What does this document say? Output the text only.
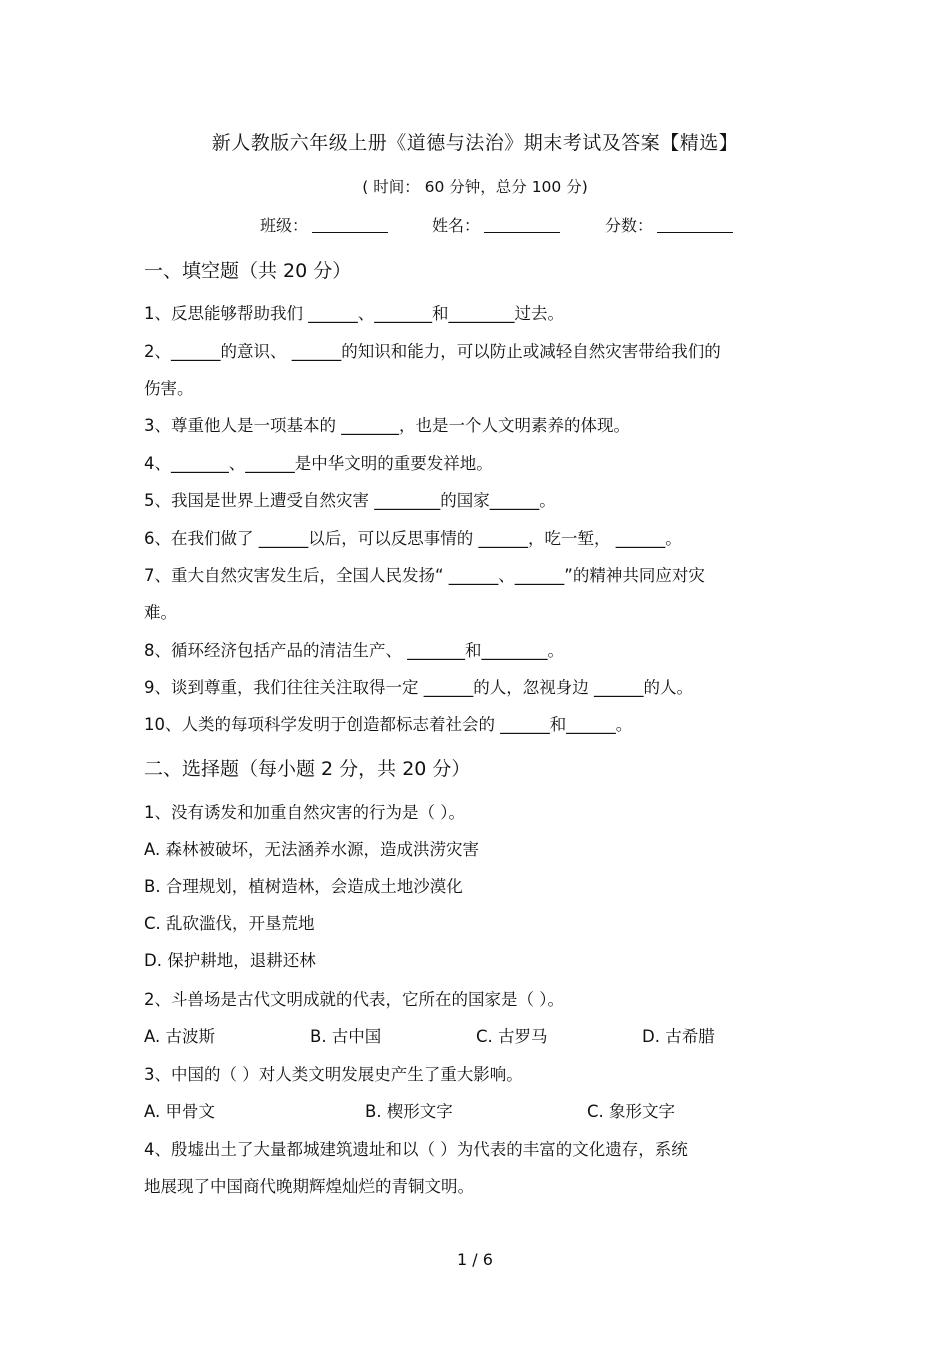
新人教版六年级上册《道德与法治》期末考试及答案【精选】
( 时间： 60 分钟，总分 100 分)
班级：	姓名：	分数：
一、填空题（共 20 分）
1、反思能够帮助我们 ______、_______和________过去。
2、______的意识、 ______的知识和能力，可以防止或减轻自然灾害带给我们的
伤害。
3、尊重他人是一项基本的 _______，也是一个人文明素养的体现。
4、_______、______是中华文明的重要发祥地。
5、我国是世界上遭受自然灾害 ________的国家______。
6、在我们做了 ______以后，可以反思事情的 ______，吃一堑， ______。
7、重大自然灾害发生后，全国人民发扬“ ______、______”的精神共同应对灾
难。
8、循环经济包括产品的清洁生产、 _______和________。
9、谈到尊重，我们往往关注取得一定 ______的人，忽视身边 ______的人。
10、人类的每项科学发明于创造都标志着社会的 ______和______。
二、选择题（每小题 2 分，共 20 分）
1、没有诱发和加重自然灾害的行为是（ ）。
A. 森林被破坏，无法涵养水源，造成洪涝灾害
B. 合理规划，植树造林，会造成土地沙漠化
C. 乱砍滥伐，开垦荒地
D. 保护耕地，退耕还林
2、斗兽场是古代文明成就的代表，它所在的国家是（ ）。
A. 古波斯	B. 古中国	C. 古罗马	D. 古希腊
3、中国的（ ）对人类文明发展史产生了重大影响。
A. 甲骨文	B. 楔形文字	C. 象形文字
4、殷墟出土了大量都城建筑遗址和以（ ）为代表的丰富的文化遗存，系统
地展现了中国商代晚期辉煌灿烂的青铜文明。
1 / 6
